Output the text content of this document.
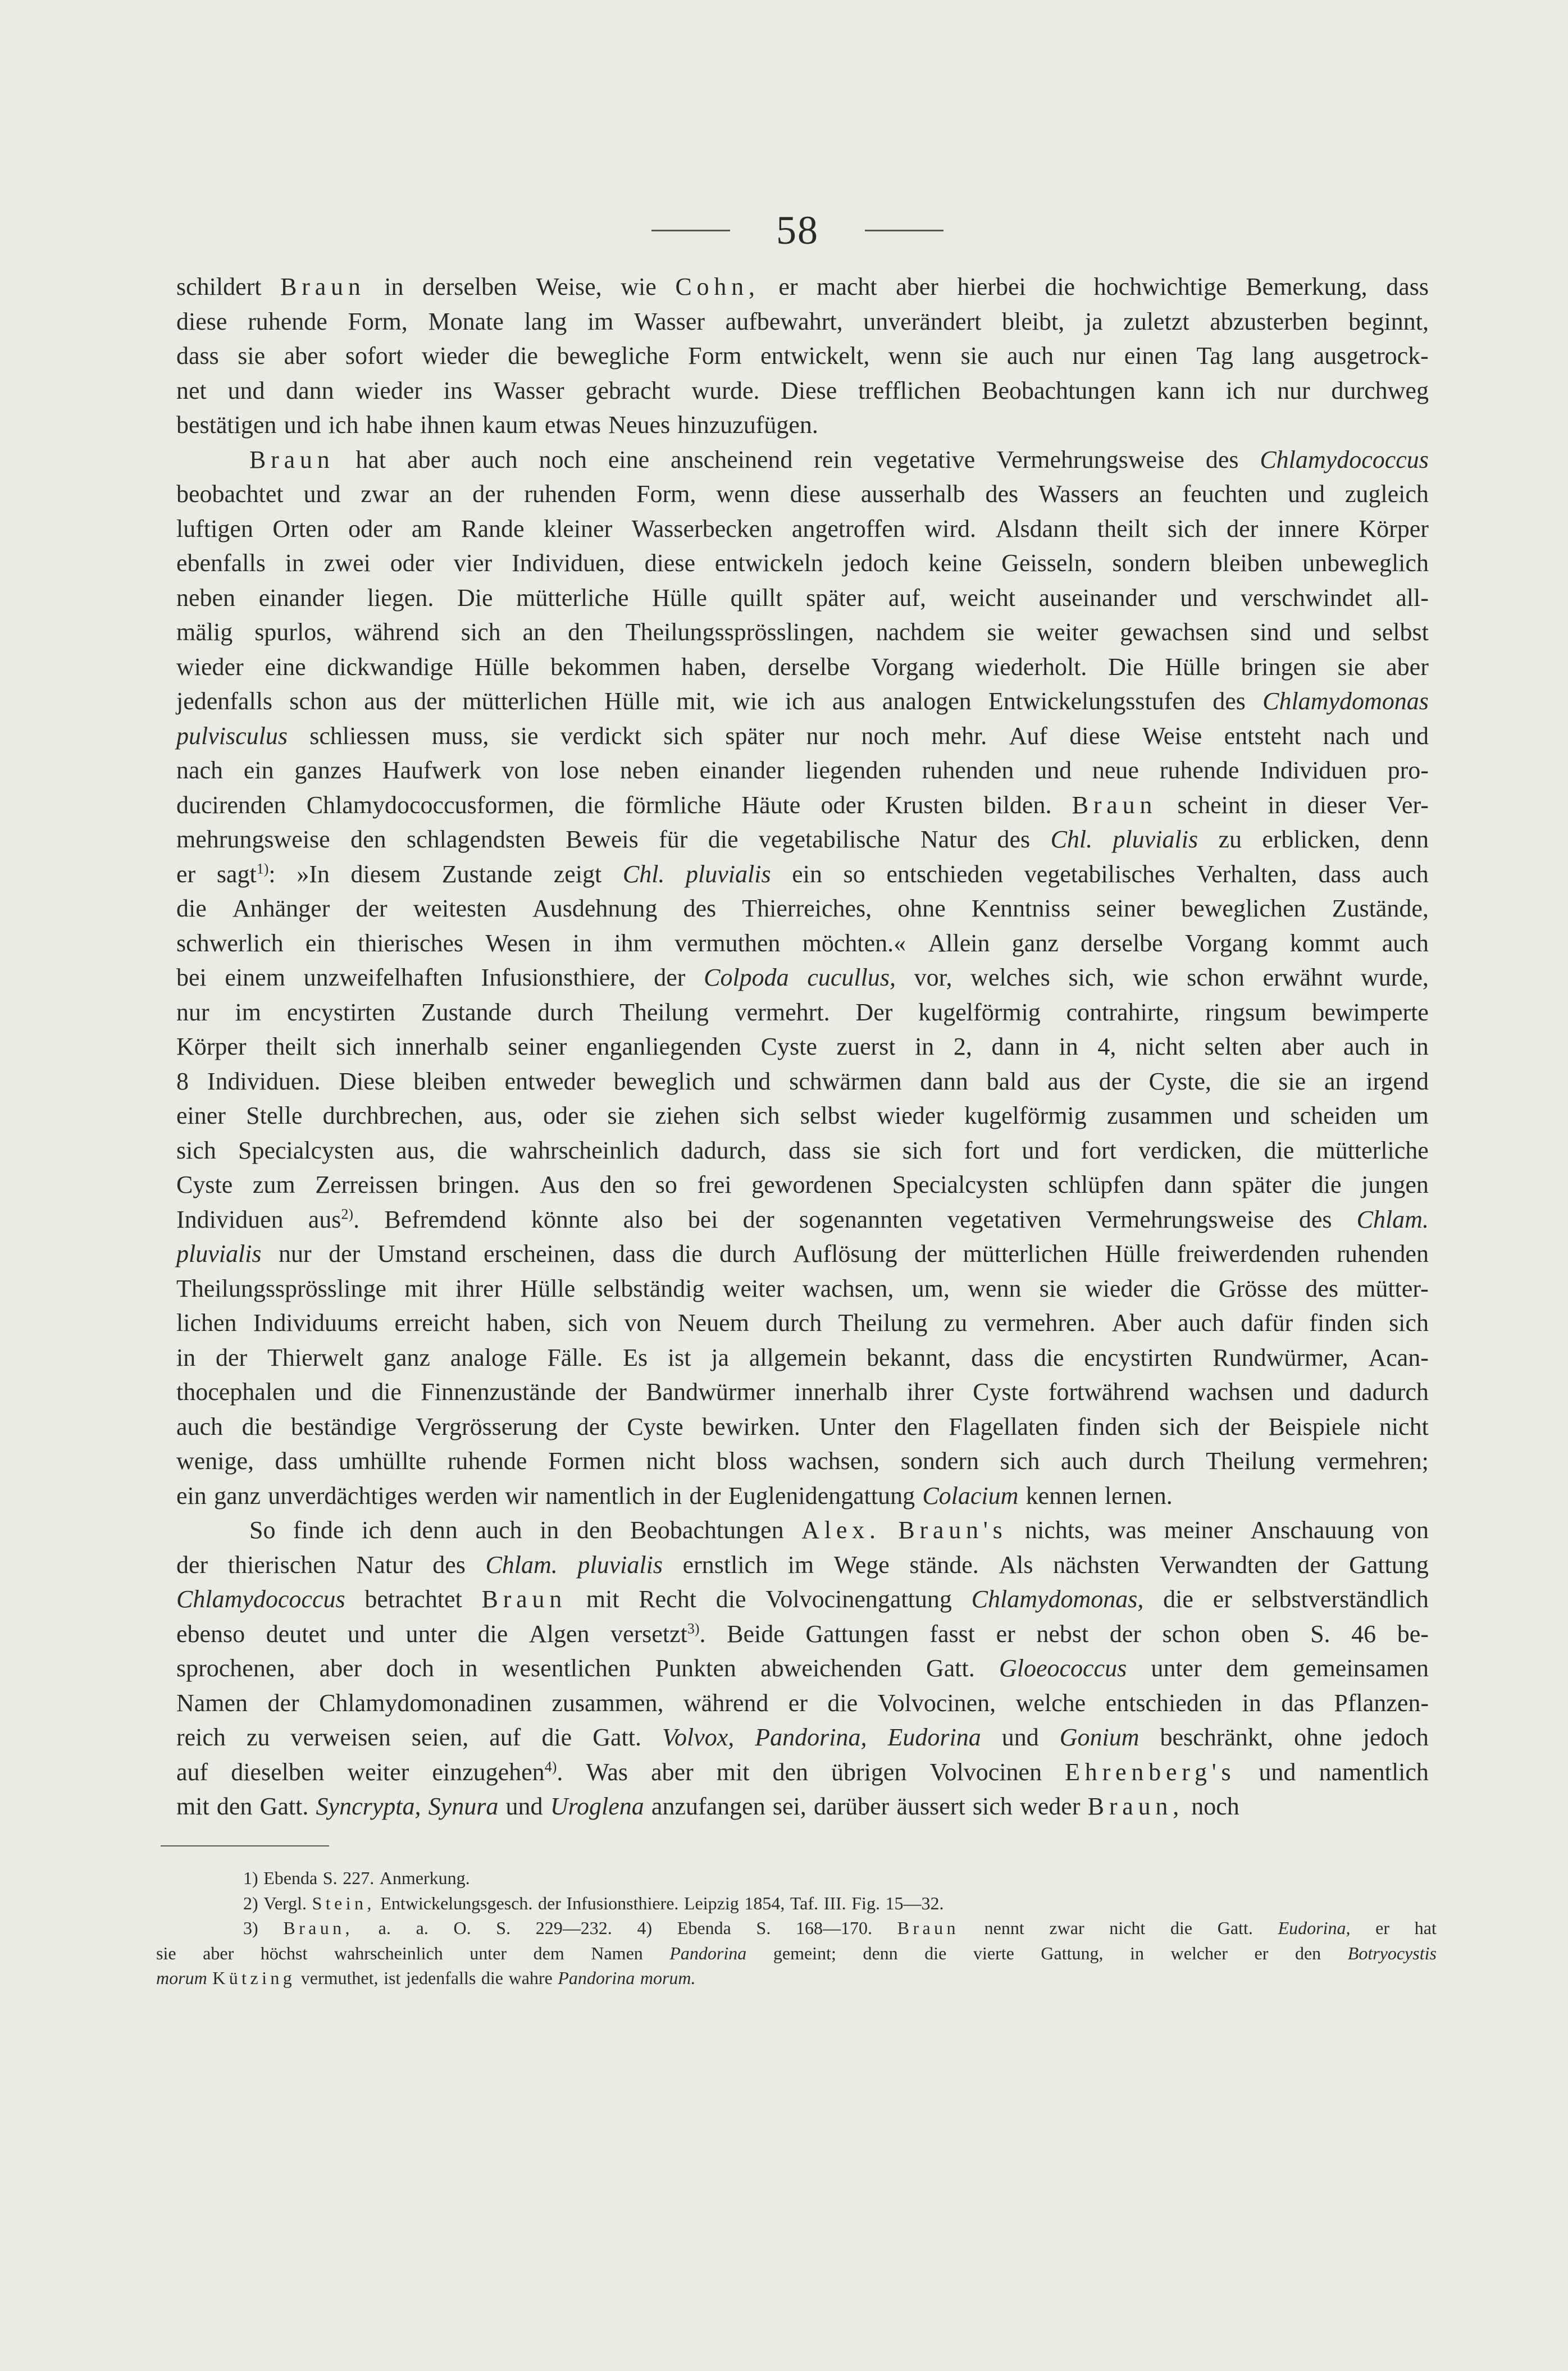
58
schildert Braun in derselben Weise, wie Cohn, er macht aber hierbei die hochwichtige Bemerkung, dass
diese ruhende Form, Monate lang im Wasser aufbewahrt, unverändert bleibt, ja zuletzt abzusterben beginnt,
dass sie aber sofort wieder die bewegliche Form entwickelt, wenn sie auch nur einen Tag lang ausgetrock-
net und dann wieder ins Wasser gebracht wurde. Diese trefflichen Beobachtungen kann ich nur durchweg
bestätigen und ich habe ihnen kaum etwas Neues hinzuzufügen.
Braun hat aber auch noch eine anscheinend rein vegetative Vermehrungsweise des Chlamydococcus
beobachtet und zwar an der ruhenden Form, wenn diese ausserhalb des Wassers an feuchten und zugleich
luftigen Orten oder am Rande kleiner Wasserbecken angetroffen wird. Alsdann theilt sich der innere Körper
ebenfalls in zwei oder vier Individuen, diese entwickeln jedoch keine Geisseln, sondern bleiben unbeweglich
neben einander liegen. Die mütterliche Hülle quillt später auf, weicht auseinander und verschwindet all-
mälig spurlos, während sich an den Theilungssprösslingen, nachdem sie weiter gewachsen sind und selbst
wieder eine dickwandige Hülle bekommen haben, derselbe Vorgang wiederholt. Die Hülle bringen sie aber
jedenfalls schon aus der mütterlichen Hülle mit, wie ich aus analogen Entwickelungsstufen des Chlamydomonas
pulvisculus schliessen muss, sie verdickt sich später nur noch mehr. Auf diese Weise entsteht nach und
nach ein ganzes Haufwerk von lose neben einander liegenden ruhenden und neue ruhende Individuen pro-
ducirenden Chlamydococcusformen, die förmliche Häute oder Krusten bilden. Braun scheint in dieser Ver-
mehrungsweise den schlagendsten Beweis für die vegetabilische Natur des Chl. pluvialis zu erblicken, denn
er sagt$^{1)}$: »In diesem Zustande zeigt Chl. pluvialis ein so entschieden vegetabilisches Verhalten, dass auch
die Anhänger der weitesten Ausdehnung des Thierreiches, ohne Kenntniss seiner beweglichen Zustände,
schwerlich ein thierisches Wesen in ihm vermuthen möchten.« Allein ganz derselbe Vorgang kommt auch
bei einem unzweifelhaften Infusionsthiere, der Colpoda cucullus, vor, welches sich, wie schon erwähnt wurde,
nur im encystirten Zustande durch Theilung vermehrt. Der kugelförmig contrahirte, ringsum bewimperte
Körper theilt sich innerhalb seiner enganliegenden Cyste zuerst in 2, dann in 4, nicht selten aber auch in
8 Individuen. Diese bleiben entweder beweglich und schwärmen dann bald aus der Cyste, die sie an irgend
einer Stelle durchbrechen, aus, oder sie ziehen sich selbst wieder kugelförmig zusammen und scheiden um
sich Specialcysten aus, die wahrscheinlich dadurch, dass sie sich fort und fort verdicken, die mütterliche
Cyste zum Zerreissen bringen. Aus den so frei gewordenen Specialcysten schlüpfen dann später die jungen
Individuen aus$^{2)}$. Befremdend könnte also bei der sogenannten vegetativen Vermehrungsweise des Chlam.
pluvialis nur der Umstand erscheinen, dass die durch Auflösung der mütterlichen Hülle freiwerdenden ruhenden
Theilungssprösslinge mit ihrer Hülle selbständig weiter wachsen, um, wenn sie wieder die Grösse des mütter-
lichen Individuums erreicht haben, sich von Neuem durch Theilung zu vermehren. Aber auch dafür finden sich
in der Thierwelt ganz analoge Fälle. Es ist ja allgemein bekannt, dass die encystirten Rundwürmer, Acan-
thocephalen und die Finnenzustände der Bandwürmer innerhalb ihrer Cyste fortwährend wachsen und dadurch
auch die beständige Vergrösserung der Cyste bewirken. Unter den Flagellaten finden sich der Beispiele nicht
wenige, dass umhüllte ruhende Formen nicht bloss wachsen, sondern sich auch durch Theilung vermehren;
ein ganz unverdächtiges werden wir namentlich in der Euglenidengattung Colacium kennen lernen.
So finde ich denn auch in den Beobachtungen Alex. Braun's nichts, was meiner Anschauung von
der thierischen Natur des Chlam. pluvialis ernstlich im Wege stände. Als nächsten Verwandten der Gattung
Chlamydococcus betrachtet Braun mit Recht die Volvocinengattung Chlamydomonas, die er selbstverständlich
ebenso deutet und unter die Algen versetzt$^{3)}$. Beide Gattungen fasst er nebst der schon oben S. 46 be-
sprochenen, aber doch in wesentlichen Punkten abweichenden Gatt. Gloeococcus unter dem gemeinsamen
Namen der Chlamydomonadinen zusammen, während er die Volvocinen, welche entschieden in das Pflanzen-
reich zu verweisen seien, auf die Gatt. Volvox, Pandorina, Eudorina und Gonium beschränkt, ohne jedoch
auf dieselben weiter einzugehen$^{4)}$. Was aber mit den übrigen Volvocinen Ehrenberg's und namentlich
mit den Gatt. Syncrypta, Synura und Uroglena anzufangen sei, darüber äussert sich weder Braun, noch
1) Ebenda S. 227. Anmerkung.
2) Vergl. Stein, Entwickelungsgesch. der Infusionsthiere. Leipzig 1854, Taf. III. Fig. 15—32.
3) Braun, a. a. O. S. 229—232. 4) Ebenda S. 168—170. Braun nennt zwar nicht die Gatt. Eudorina, er hat
sie aber höchst wahrscheinlich unter dem Namen Pandorina gemeint; denn die vierte Gattung, in welcher er den Botryocystis
morum Kützing vermuthet, ist jedenfalls die wahre Pandorina morum.
